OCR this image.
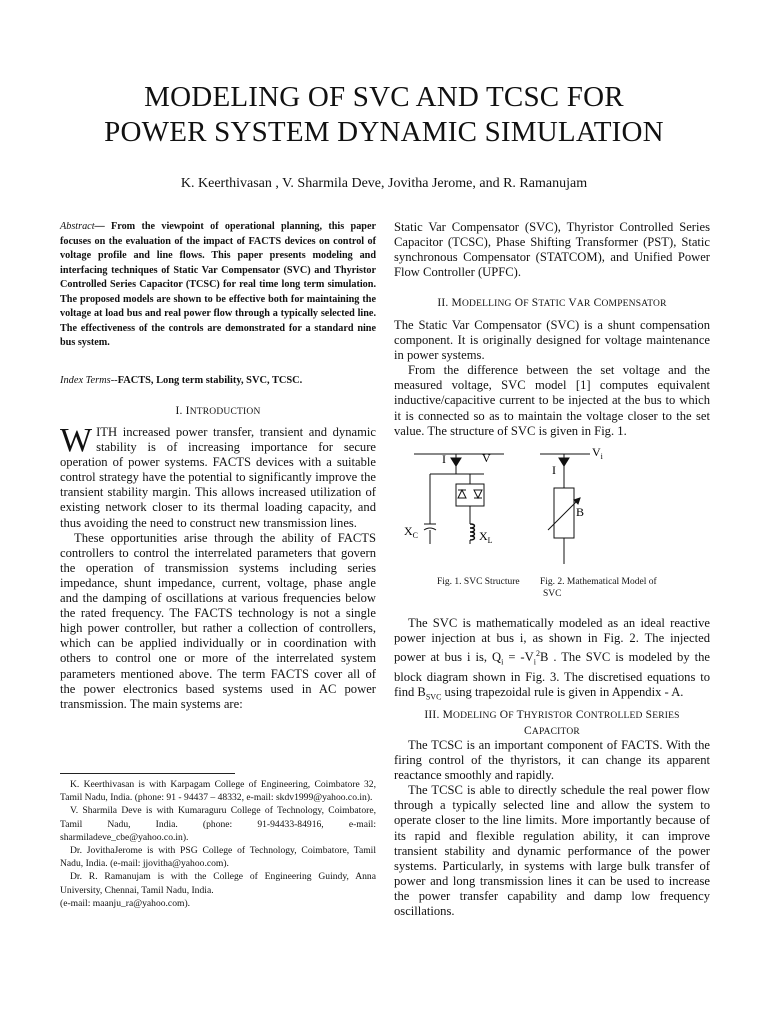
MODELING OF SVC AND TCSC FOR
POWER SYSTEM DYNAMIC SIMULATION
K. Keerthivasan , V. Sharmila Deve, Jovitha Jerome, and R. Ramanujam
Abstract— From the viewpoint of operational planning, this paper focuses on the evaluation of the impact of FACTS devices on control of voltage profile and line flows. This paper presents modeling and interfacing techniques of Static Var Compensator (SVC) and Thyristor Controlled Series Capacitor (TCSC) for real time long term simulation. The proposed models are shown to be effective both for maintaining the voltage at load bus and real power flow through a typically selected line. The effectiveness of the controls are demonstrated for a standard nine bus system.
Index Terms--FACTS, Long term stability, SVC, TCSC.
I. INTRODUCTION

WITH increased power transfer, transient and dynamic stability is of increasing importance for secure operation of power systems. FACTS devices with a suitable control strategy have the potential to significantly improve the transient stability margin. This allows increased utilization of existing network closer to its thermal loading capacity, and thus avoiding the need to construct new transmission lines.

These opportunities arise through the ability of FACTS controllers to control the interrelated parameters that govern the operation of transmission systems including series impedance, shunt impedance, current, voltage, phase angle and the damping of oscillations at various frequencies below the rated frequency. The FACTS technology is not a single high power controller, but rather a collection of controllers, which can be applied individually or in coordination with others to control one or more of the interrelated system parameters mentioned above. The term FACTS cover all of the power electronics based systems used in AC power transmission. The main systems are:

K. Keerthivasan is with Karpagam College of Engineering, Coimbatore 32, Tamil Nadu, India. (phone: 91 - 94437 – 48332, e-mail: skdv1999@yahoo.co.in).

V. Sharmila Deve is with Kumaraguru College of Technology, Coimbatore, Tamil Nadu, India. (phone: 91-94433-84916, e-mail: sharmiladeve_cbe@yahoo.co.in).

Dr. JovithaJerome is with PSG College of Technology, Coimbatore, Tamil Nadu, India. (e-mail: jjovitha@yahoo.com).

Dr. R. Ramanujam is with the College of Engineering Guindy, Anna University, Chennai, Tamil Nadu, India.

(e-mail: maanju_ra@yahoo.com).

Static Var Compensator (SVC), Thyristor Controlled Series Capacitor (TCSC), Phase Shifting Transformer (PST), Static synchronous Compensator (STATCOM), and Unified Power Flow Controller (UPFC).
II. MODELLING OF STATIC VAR COMPENSATOR

The Static Var Compensator (SVC) is a shunt compensation component. It is originally designed for voltage maintenance in power systems.

From the difference between the set voltage and the measured voltage, SVC model [1] computes equivalent inductive/capacitive current to be injected at the bus to which it is connected so as to maintain the voltage closer to the set value. The structure of SVC is given in Fig. 1.

I	V
$X_C$	$X_L$
I
$V_i$
B
Fig. 1. SVC Structure Fig. 2. Mathematical Model of
SVC
The SVC is mathematically modeled as an ideal reactive power injection at bus i, as shown in Fig. 2. The injected power at bus i is, $Q_i = -V_i^2B$ . The SVC is modeled by the block diagram shown in Fig. 3. The discretised equations to find $B_{SVC}$ using trapezoidal rule is given in Appendix - A.
III. MODELING OF THYRISTOR CONTROLLED SERIES
CAPACITOR

The TCSC is an important component of FACTS. With the firing control of the thyristors, it can change its apparent reactance smoothly and rapidly.

The TCSC is able to directly schedule the real power flow through a typically selected line and allow the system to operate closer to the line limits. More importantly because of its rapid and flexible regulation ability, it can improve transient stability and dynamic performance of the power systems. Particularly, in systems with large bulk transfer of power and long transmission lines it can be used to increase the power transfer capability and damp low frequency oscillations.
